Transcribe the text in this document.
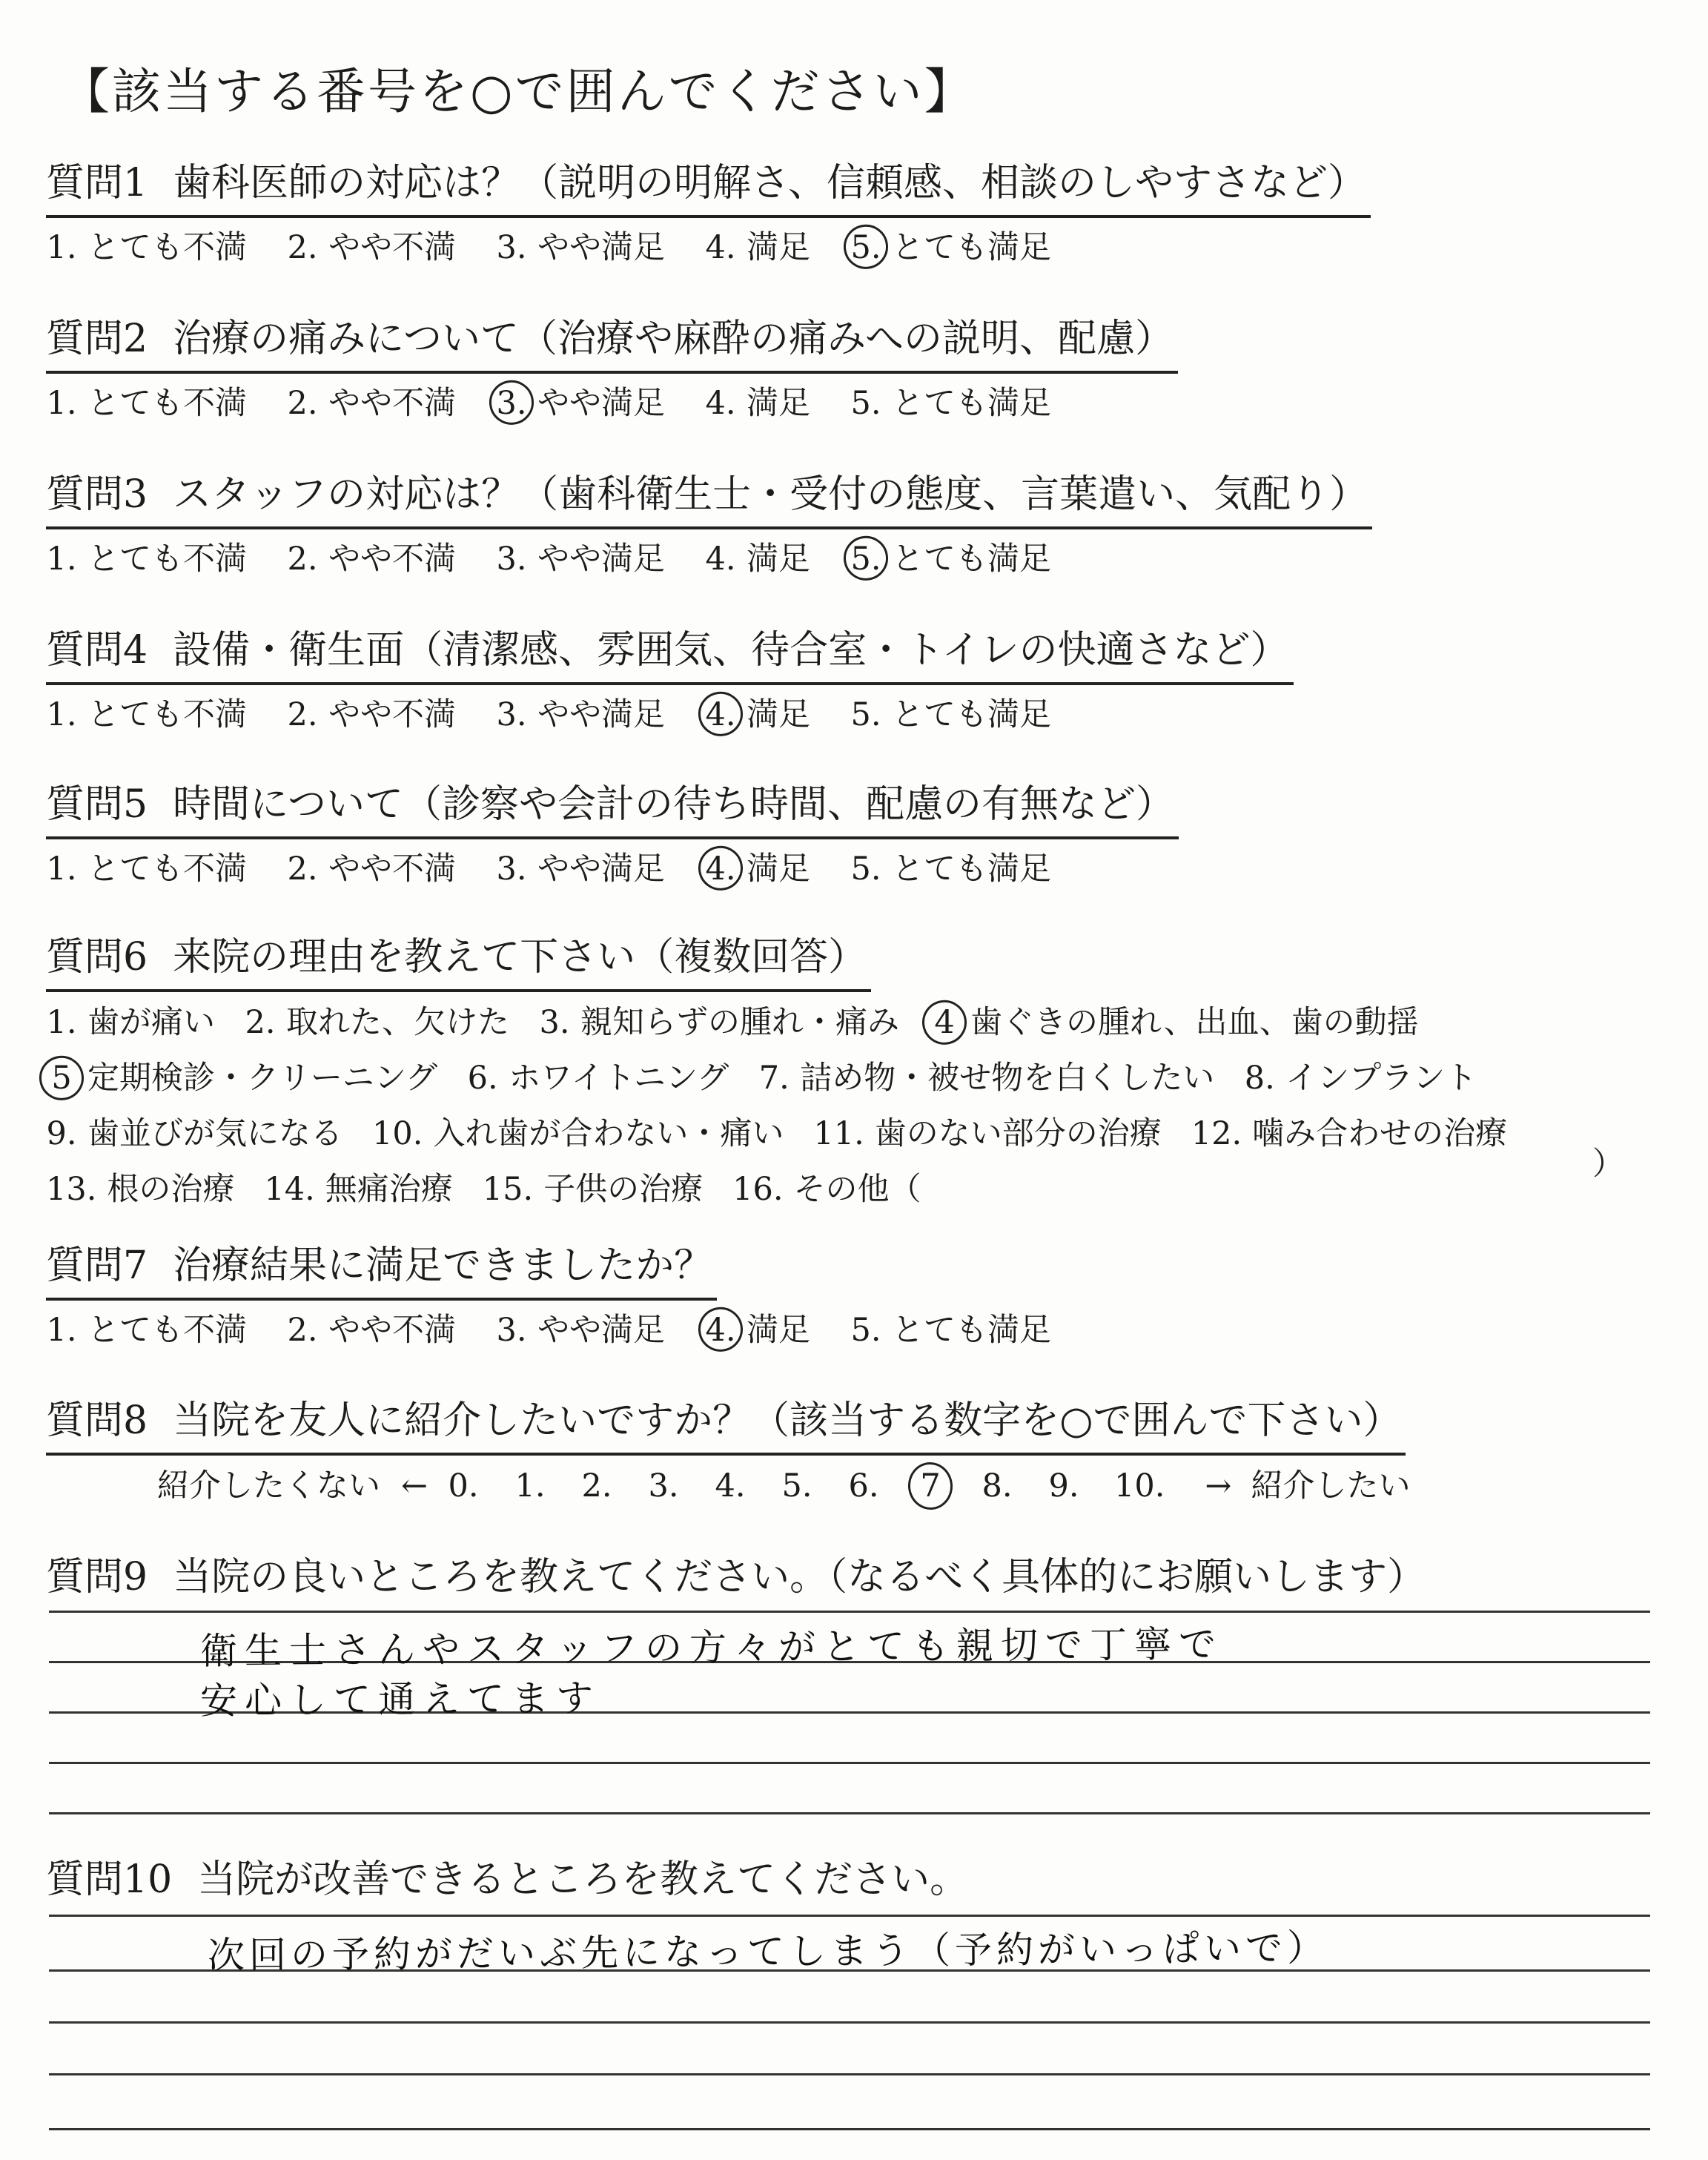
【該当する番号を○で囲んでください】
質問1 歯科医師の対応は？（説明の明解さ、信頼感、相談のしやすさなど）
1. とても不満 2. やや不満 3. やや満足 4. 満足 5. とても満足
質問2 治療の痛みについて（治療や麻酔の痛みへの説明、配慮）
1. とても不満 2. やや不満 3. やや満足 4. 満足 5. とても満足
質問3 スタッフの対応は？（歯科衛生士・受付の態度、言葉遣い、気配り）
1. とても不満 2. やや不満 3. やや満足 4. 満足 5. とても満足
質問4 設備・衛生面（清潔感、雰囲気、待合室・トイレの快適さなど）
1. とても不満 2. やや不満 3. やや満足 4. 満足 5. とても満足
質問5 時間について（診察や会計の待ち時間、配慮の有無など）
1. とても不満 2. やや不満 3. やや満足 4. 満足 5. とても満足
質問6 来院の理由を教えて下さい（複数回答）
1. 歯が痛い 2. 取れた、欠けた 3. 親知らずの腫れ・痛み 4 歯ぐきの腫れ、出血、歯の動揺
5 定期検診・クリーニング 6. ホワイトニング 7. 詰め物・被せ物を白くしたい 8. インプラント
9. 歯並びが気になる 10. 入れ歯が合わない・痛い 11. 歯のない部分の治療 12. 噛み合わせの治療
13. 根の治療 14. 無痛治療 15. 子供の治療 16. その他（
）
質問7 治療結果に満足できましたか？
1. とても不満 2. やや不満 3. やや満足 4. 満足 5. とても満足
質問8 当院を友人に紹介したいですか？（該当する数字を○で囲んで下さい）
紹介したくない ← 0. 1. 2. 3. 4. 5. 6. 7 8. 9. 10. → 紹介したい
質問9 当院の良いところを教えてください。（なるべく具体的にお願いします）
衛生士さんやスタッフの方々がとても親切で丁寧で
安心して通えてます
質問10 当院が改善できるところを教えてください。
次回の予約がだいぶ先になってしまう（予約がいっぱいで）
